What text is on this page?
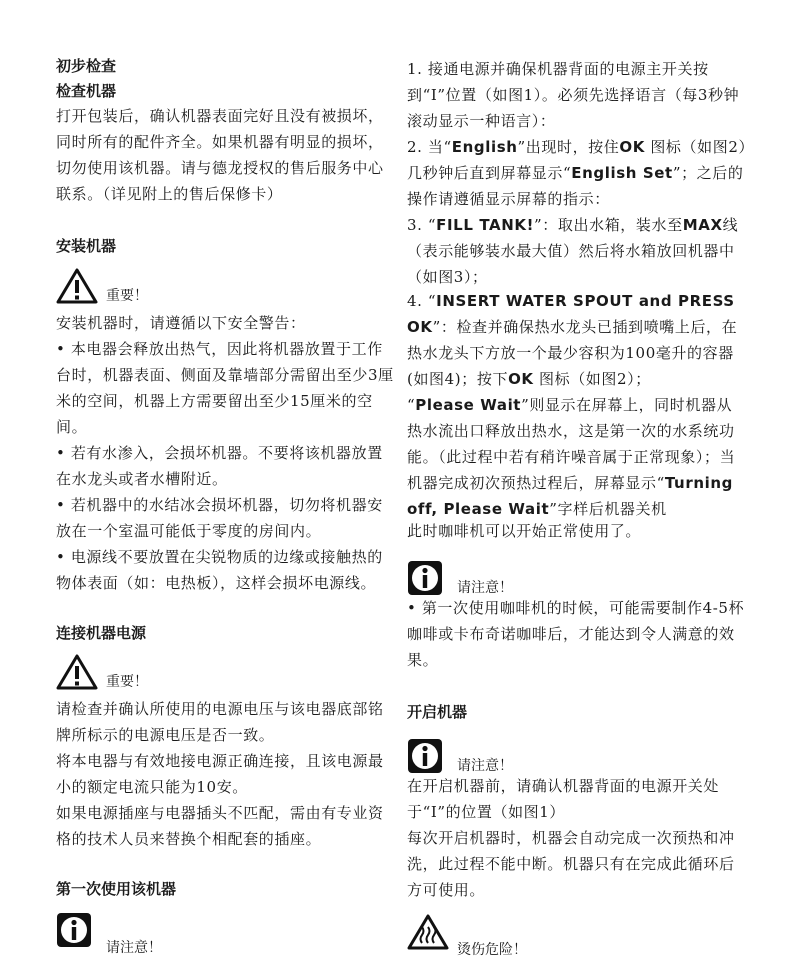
初步检查
检查机器

打开包装后，确认机器表面完好且没有被损坏，同时所有的配件齐全。如果机器有明显的损坏，切勿使用该机器。请与德龙授权的售后服务中心联系。（详见附上的售后保修卡）

安装机器
重要！

安装机器时，请遵循以下安全警告：

• 本电器会释放出热气，因此将机器放置于工作台时，机器表面、侧面及靠墙部分需留出至少3厘米的空间，机器上方需要留出至少15厘米的空间。

• 若有水渗入，会损坏机器。不要将该机器放置在水龙头或者水槽附近。

• 若机器中的水结冰会损坏机器，切勿将机器安放在一个室温可能低于零度的房间内。

• 电源线不要放置在尖锐物质的边缘或接触热的物体表面（如：电热板），这样会损坏电源线。

连接机器电源
重要！

请检查并确认所使用的电源电压与该电器底部铭牌所标示的电源电压是否一致。

将本电器与有效地接电源正确连接，且该电源最小的额定电流只能为10安。

如果电源插座与电器插头不匹配，需由有专业资格的技术人员来替换个相配套的插座。

第一次使用该机器
请注意！

1. 接通电源并确保机器背面的电源主开关按到“I”位置（如图1）。必须先选择语言（每3秒钟滚动显示一种语言）：

2. 当“English”出现时，按住OK 图标（如图2）几秒钟后直到屏幕显示“English Set”；之后的操作请遵循显示屏幕的指示：

3. “FILL TANK!”：取出水箱，装水至MAX线（表示能够装水最大值）然后将水箱放回机器中（如图3）；

4. “INSERT WATER SPOUT and PRESS OK”：检查并确保热水龙头已插到喷嘴上后，在热水龙头下方放一个最少容积为100毫升的容器(如图4)；按下OK 图标（如图2）；
“Please Wait”则显示在屏幕上，同时机器从热水流出口释放出热水，这是第一次的水系统功能。（此过程中若有稍许噪音属于正常现象）；当机器完成初次预热过程后，屏幕显示“Turning off, Please Wait”字样后机器关机

此时咖啡机可以开始正常使用了。

请注意！

• 第一次使用咖啡机的时候，可能需要制作4-5杯咖啡或卡布奇诺咖啡后，才能达到令人满意的效果。

开启机器
请注意！

在开启机器前，请确认机器背面的电源开关处于“I”的位置（如图1）

每次开启机器时，机器会自动完成一次预热和冲洗，此过程不能中断。机器只有在完成此循环后方可使用。

烫伤危险！
